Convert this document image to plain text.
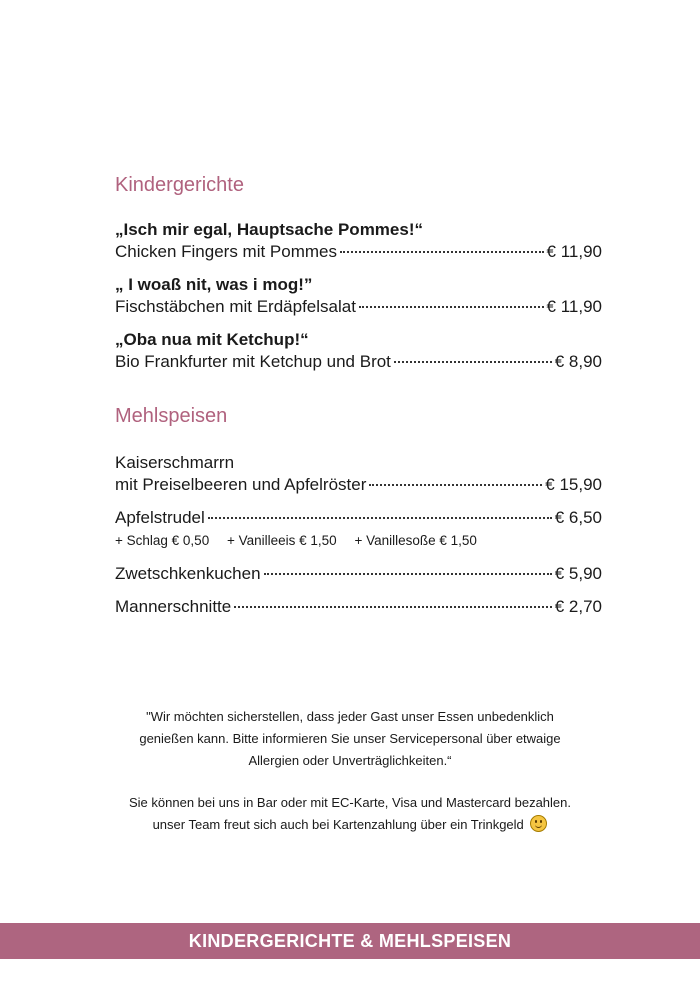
Kindergerichte
„Isch mir egal, Hauptsache Pommes!“
Chicken Fingers mit Pommes	€ 11,90
„ I woaß nit, was i mog!”
Fischstäbchen mit Erdäpfelsalat	€ 11,90
„Oba nua mit Ketchup!“
Bio Frankfurter mit Ketchup und Brot	€ 8,90
Mehlspeisen
Kaiserschmarrn
mit Preiselbeeren und Apfelröster	€ 15,90
Apfelstrudel	€ 6,50
+ Schlag € 0,50 + Vanilleeis € 1,50 + Vanillesoße € 1,50
Zwetschkenkuchen	€ 5,90
Mannerschnitte	€ 2,70
"Wir möchten sicherstellen, dass jeder Gast unser Essen unbedenklich
genießen kann. Bitte informieren Sie unser Servicepersonal über etwaige
Allergien oder Unverträglichkeiten.“
Sie können bei uns in Bar oder mit EC-Karte, Visa und Mastercard bezahlen.
unser Team freut sich auch bei Kartenzahlung über ein Trinkgeld
KINDERGERICHTE & MEHLSPEISEN
